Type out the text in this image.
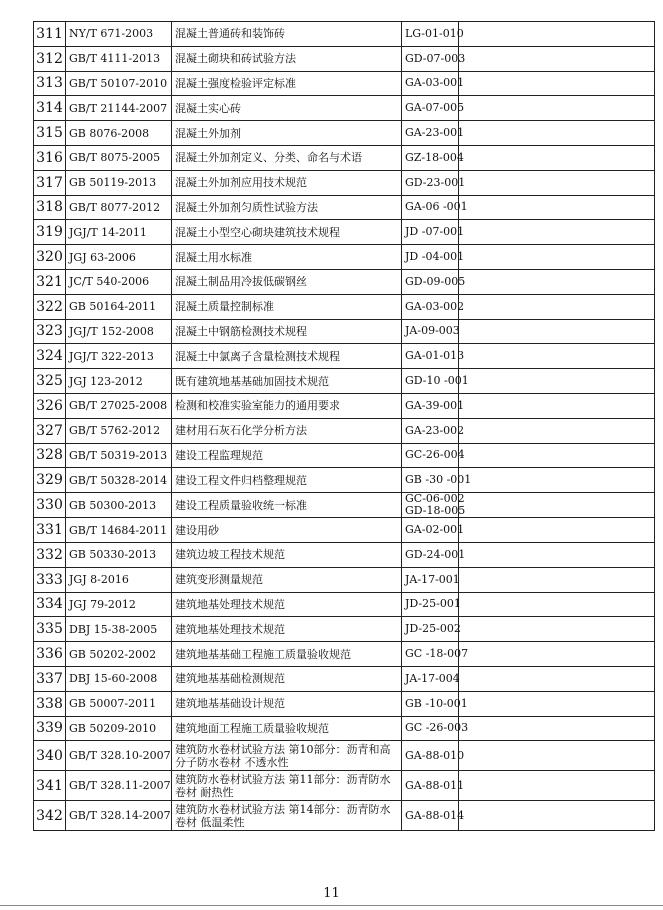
311	NY/T 671-2003	混凝土普通砖和装饰砖	LG-01-010	

312	GB/T 4111-2013	混凝土砌块和砖试验方法	GD-07-003	

313	GB/T 50107-2010	混凝土强度检验评定标准	GA-03-001	

314	GB/T 21144-2007	混凝土实心砖	GA-07-005	

315	GB 8076-2008	混凝土外加剂	GA-23-001	

316	GB/T 8075-2005	混凝土外加剂定义、分类、命名与术语	GZ-18-004	

317	GB 50119-2013	混凝土外加剂应用技术规范	GD-23-001	

318	GB/T 8077-2012	混凝土外加剂匀质性试验方法	GA-06 -001	

319	JGJ/T 14-2011	混凝土小型空心砌块建筑技术规程	JD -07-001	

320	JGJ 63-2006	混凝土用水标准	JD -04-001	

321	JC/T 540-2006	混凝土制品用冷拔低碳钢丝	GD-09-005	

322	GB 50164-2011	混凝土质量控制标准	GA-03-002	

323	JGJ/T 152-2008	混凝土中钢筋检测技术规程	JA-09-003	

324	JGJ/T 322-2013	混凝土中氯离子含量检测技术规程	GA-01-013	

325	JGJ 123-2012	既有建筑地基基础加固技术规范	GD-10 -001	

326	GB/T 27025-2008	检测和校准实验室能力的通用要求	GA-39-001	

327	GB/T 5762-2012	建材用石灰石化学分析方法	GA-23-002	

328	GB/T 50319-2013	建设工程监理规范	GC-26-004	

329	GB/T 50328-2014	建设工程文件归档整理规范	GB -30 -001	

330	GB 50300-2013	建设工程质量验收统一标准	GC-06-002
GD-18-005	

331	GB/T 14684-2011	建设用砂	GA-02-001	

332	GB 50330-2013	建筑边坡工程技术规范	GD-24-001	

333	JGJ 8-2016	建筑变形测量规范	JA-17-001	

334	JGJ 79-2012	建筑地基处理技术规范	JD-25-001	

335	DBJ 15-38-2005	建筑地基处理技术规范	JD-25-002	

336	GB 50202-2002	建筑地基基础工程施工质量验收规范	GC -18-007	

337	DBJ 15-60-2008	建筑地基基础检测规范	JA-17-004	

338	GB 50007-2011	建筑地基基础设计规范	GB -10-001	

339	GB 50209-2010	建筑地面工程施工质量验收规范	GC -26-003	

340	GB/T 328.10-2007	建筑防水卷材试验方法 第10部分：沥青和高分子防水卷材 不透水性	GA-88-010	

341	GB/T 328.11-2007	建筑防水卷材试验方法 第11部分：沥青防水卷材 耐热性	GA-88-011	

342	GB/T 328.14-2007	建筑防水卷材试验方法 第14部分：沥青防水卷材 低温柔性	GA-88-014	

11
